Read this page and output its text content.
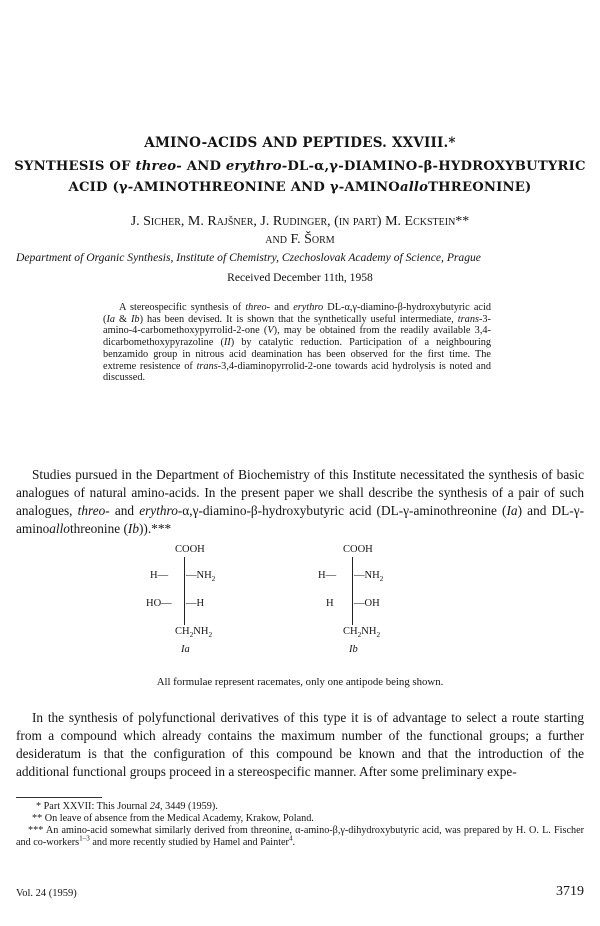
AMINO-ACIDS AND PEPTIDES. XXVIII.*
SYNTHESIS OF threo- AND erythro-DL-α,γ-DIAMINO-β-HYDROXYBUTYRIC
ACID (γ-AMINOTHREONINE AND γ-AMINOalloTHREONINE)
J. Sicher, M. Rajšner, J. Rudinger, (in part) M. Eckstein**
and F. Šorm
Department of Organic Synthesis, Institute of Chemistry, Czechoslovak Academy of Science, Prague
Received December 11th, 1958
A stereospecific synthesis of threo- and erythro DL-α,γ-diamino-β-hydroxybutyric acid (Ia & Ib) has been devised. It is shown that the synthetically useful intermediate, trans-3-amino-4-carbomethoxypyrrolid-2-one (V), may be obtained from the readily available 3,4-dicarbomethoxypyrazoline (II) by catalytic reduction. Participation of a neighbouring benzamido group in nitrous acid deamination has been observed for the first time. The extreme resistence of trans-3,4-diaminopyrrolid-2-one towards acid hydrolysis is noted and discussed.
Studies pursued in the Department of Biochemistry of this Institute necessitated the synthesis of basic analogues of natural amino-acids. In the present paper we shall describe the synthesis of a pair of such analogues, threo- and erythro-α,γ-diamino-β-hydroxybutyric acid (DL-γ-aminothreonine (Ia) and DL-γ-aminoallothreonine (Ib)).***
COOH
H— $—NH_2$
HO— —H
$CH_2NH_2$
Ia
COOH
H— $—NH_2$
H —OH
$CH_2NH_2$
Ib
All formulae represent racemates, only one antipode being shown.
In the synthesis of polyfunctional derivatives of this type it is of advantage to select a route starting from a compound which already contains the maximum number of the functional groups; a further desideratum is that the configuration of this compound be known and that the introduction of the additional functional groups proceed in a stereospecific manner. After some preliminary expe-
* Part XXVII: This Journal 24, 3449 (1959).
** On leave of absence from the Medical Academy, Krakow, Poland.
*** An amino-acid somewhat similarly derived from threonine, α-amino-β,γ-dihydroxybutyric acid, was prepared by H. O. L. Fischer and co-workers$^{1-3}$ and more recently studied by Hamel and Painter$^4$.
Vol. 24 (1959)	3719
